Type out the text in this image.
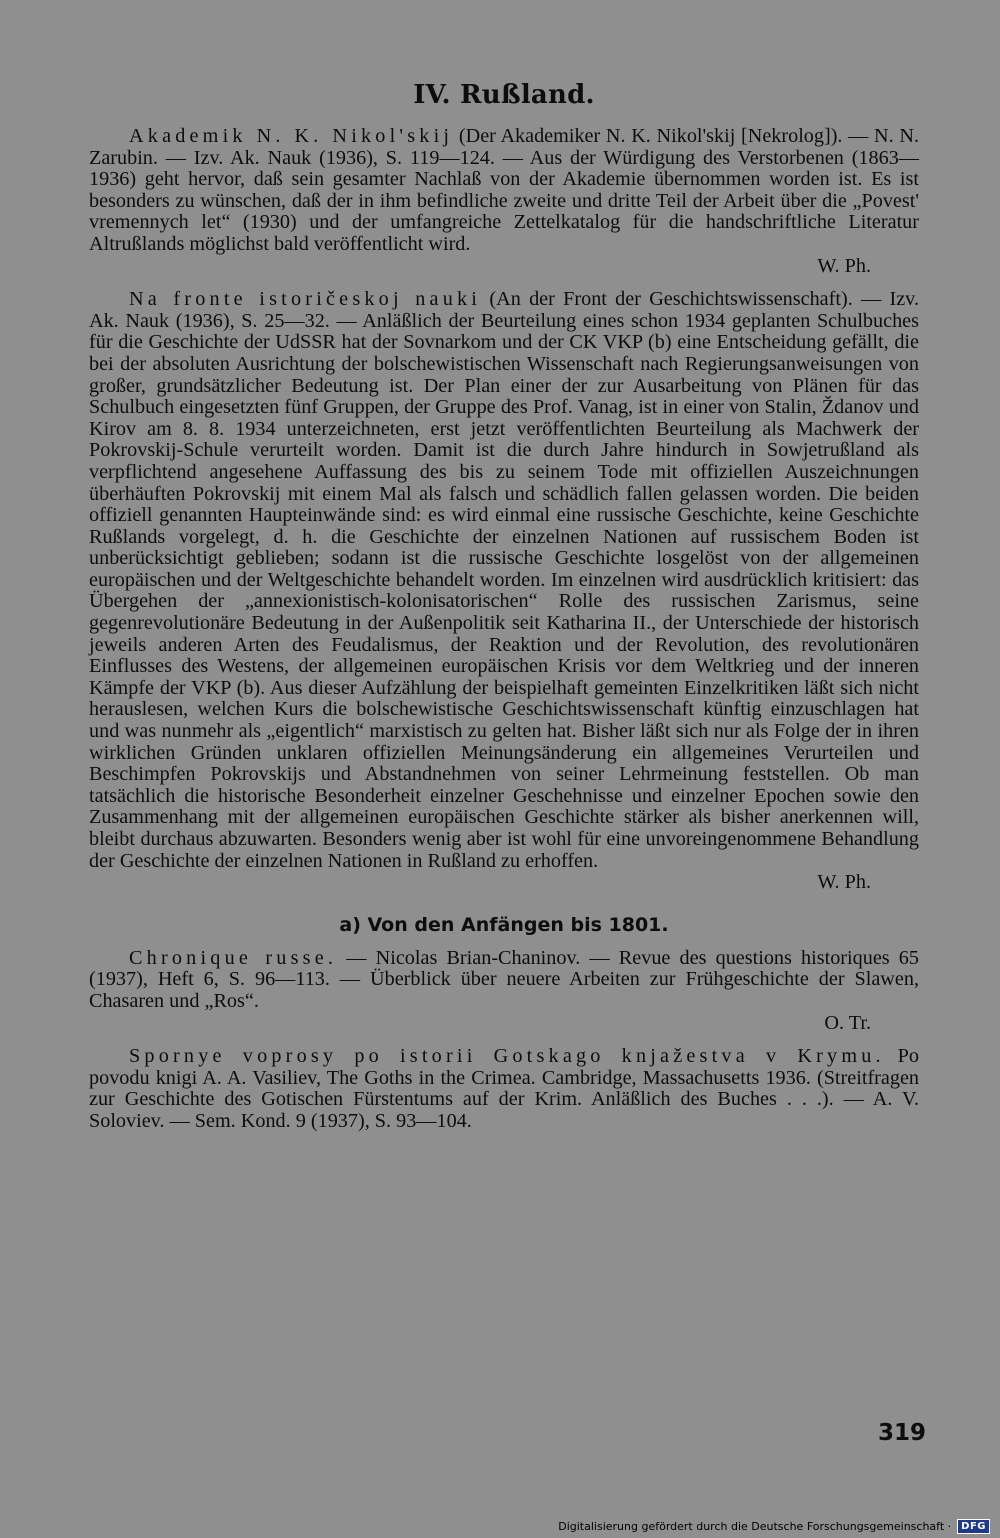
IV. Rußland.

Akademik N. K. Nikol'skij (Der Akademiker N. K. Nikol'skij [Nekrolog]). — N. N. Zarubin. — Izv. Ak. Nauk (1936), S. 119—124. — Aus der Würdigung des Verstorbenen (1863—1936) geht hervor, daß sein gesamter Nachlaß von der Akademie übernommen worden ist. Es ist besonders zu wünschen, daß der in ihm befindliche zweite und dritte Teil der Arbeit über die „Povest' vremennych let“ (1930) und der umfangreiche Zettelkatalog für die handschriftliche Literatur Altrußlands möglichst bald veröffentlicht wird.
W. Ph.

Na fronte istoričeskoj nauki (An der Front der Geschichtswissenschaft). — Izv. Ak. Nauk (1936), S. 25—32. — Anläßlich der Beurteilung eines schon 1934 geplanten Schulbuches für die Geschichte der UdSSR hat der Sovnarkom und der CK VKP (b) eine Entscheidung gefällt, die bei der absoluten Ausrichtung der bolschewistischen Wissenschaft nach Regierungsanweisungen von großer, grundsätzlicher Bedeutung ist. Der Plan einer der zur Ausarbeitung von Plänen für das Schulbuch eingesetzten fünf Gruppen, der Gruppe des Prof. Vanag, ist in einer von Stalin, Ždanov und Kirov am 8. 8. 1934 unterzeichneten, erst jetzt veröffentlichten Beurteilung als Machwerk der Pokrovskij-Schule verurteilt worden. Damit ist die durch Jahre hindurch in Sowjetrußland als verpflichtend angesehene Auffassung des bis zu seinem Tode mit offiziellen Auszeichnungen überhäuften Pokrovskij mit einem Mal als falsch und schädlich fallen gelassen worden. Die beiden offiziell genannten Haupteinwände sind: es wird einmal eine russische Geschichte, keine Geschichte Rußlands vorgelegt, d. h. die Geschichte der einzelnen Nationen auf russischem Boden ist unberücksichtigt geblieben; sodann ist die russische Geschichte losgelöst von der allgemeinen europäischen und der Weltgeschichte behandelt worden. Im einzelnen wird ausdrücklich kritisiert: das Übergehen der „annexionistisch-kolonisatorischen“ Rolle des russischen Zarismus, seine gegenrevolutionäre Bedeutung in der Außenpolitik seit Katharina II., der Unterschiede der historisch jeweils anderen Arten des Feudalismus, der Reaktion und der Revolution, des revolutionären Einflusses des Westens, der allgemeinen europäischen Krisis vor dem Weltkrieg und der inneren Kämpfe der VKP (b). Aus dieser Aufzählung der beispielhaft gemeinten Einzelkritiken läßt sich nicht herauslesen, welchen Kurs die bolschewistische Geschichtswissenschaft künftig einzuschlagen hat und was nunmehr als „eigentlich“ marxistisch zu gelten hat. Bisher läßt sich nur als Folge der in ihren wirklichen Gründen unklaren offiziellen Meinungsänderung ein allgemeines Verurteilen und Beschimpfen Pokrovskijs und Abstandnehmen von seiner Lehrmeinung feststellen. Ob man tatsächlich die historische Besonderheit einzelner Geschehnisse und einzelner Epochen sowie den Zusammenhang mit der allgemeinen europäischen Geschichte stärker als bisher anerkennen will, bleibt durchaus abzuwarten. Besonders wenig aber ist wohl für eine unvoreingenommene Behandlung der Geschichte der einzelnen Nationen in Rußland zu erhoffen.
W. Ph.

a) Von den Anfängen bis 1801.

Chronique russe. — Nicolas Brian-Chaninov. — Revue des questions historiques 65 (1937), Heft 6, S. 96—113. — Überblick über neuere Arbeiten zur Frühgeschichte der Slawen, Chasaren und „Ros“.
O. Tr.

Spornye voprosy po istorii Gotskago knjažestva v Krymu. Po povodu knigi A. A. Vasiliev, The Goths in the Crimea. Cambridge, Massachusetts 1936. (Streitfragen zur Geschichte des Gotischen Fürstentums auf der Krim. Anläßlich des Buches . . .). — A. V. Soloviev. — Sem. Kond. 9 (1937), S. 93—104.

319
Digitalisierung gefördert durch die Deutsche Forschungsgemeinschaft ·	DFG
